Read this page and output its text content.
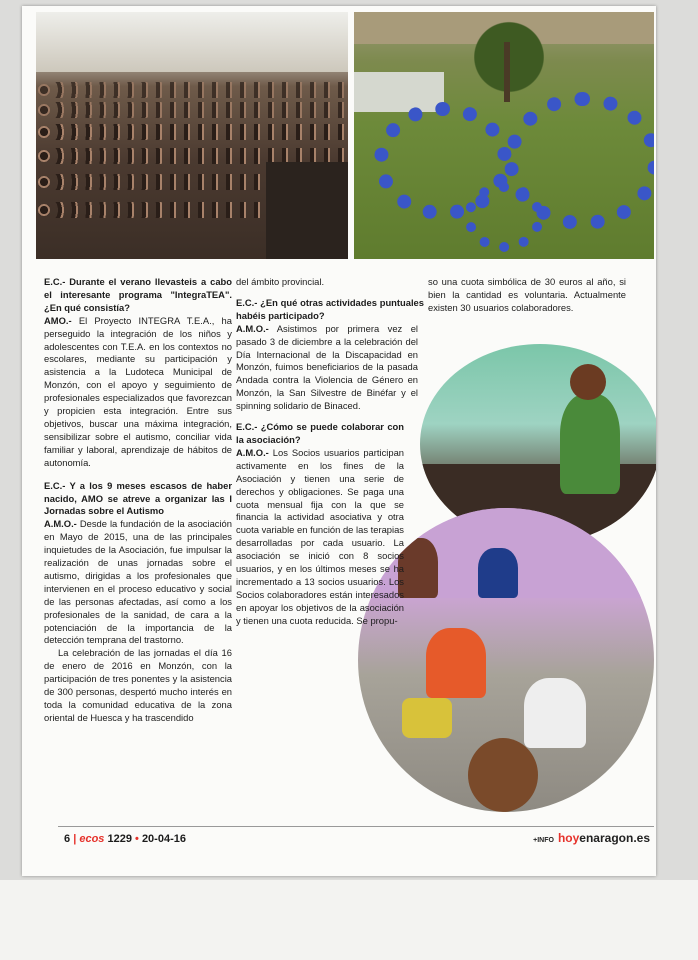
6 | ecos 1229 • 20-04-16	+INFO hoyenaragon.es

E.C.- Durante el verano llevasteis a cabo el interesante programa "IntegraTEA". ¿En qué consistía?

AMO.- El Proyecto INTEGRA T.E.A., ha perseguido la integración de los niños y adolescentes con T.E.A. en los contextos no escolares, mediante su participación y asistencia a la Ludoteca Municipal de Monzón, con el apoyo y seguimiento de profesionales especializados que favorezcan y propicien esta integración. Entre sus objetivos, buscar una máxima integración, sensibilizar sobre el autismo, conciliar vida familiar y laboral, aprendizaje de hábitos de autonomía.

E.C.- Y a los 9 meses escasos de haber nacido, AMO se atreve a organizar las I Jornadas sobre el Autismo

A.M.O.- Desde la fundación de la asociación en Mayo de 2015, una de las principales inquietudes de la Asociación, fue impulsar la realización de unas jornadas sobre el autismo, dirigidas a los profesionales que intervienen en el proceso educativo y social de las personas afectadas, así como a los profesionales de la sanidad, de cara a la potenciación de la importancia de la detección temprana del trastorno.

La celebración de las jornadas el día 16 de enero de 2016 en Monzón, con la participación de tres ponentes y la asistencia de 300 personas, despertó mucho interés en toda la comunidad educativa de la zona oriental de Huesca y ha trascendido

del ámbito provincial.

E.C.- ¿En qué otras actividades puntuales habéis participado?

A.M.O.- Asistimos por primera vez el pasado 3 de diciembre a la celebración del Día Internacional de la Discapacidad en Monzón, fuimos beneficiarios de la pasada Andada contra la Violencia de Género en Monzón, la San Silvestre de Binéfar y el spinning solidario de Binaced.

E.C.- ¿Cómo se puede colaborar con la asociación?

A.M.O.- Los Socios usuarios participan activamente en los fines de la Asociación y tienen una serie de derechos y obligaciones. Se paga una cuota mensual fija con la que se financia la actividad asociativa y otra cuota variable en función de las terapias desarrolladas por cada usuario. La asociación se inició con 8 socios usuarios, y en los últimos meses se ha incrementado a 13 socios usuarios. Los Socios colaboradores están interesados en apoyar los objetivos de la asociación y tienen una cuota reducida. Se propu-

so una cuota simbólica de 30 euros al año, si bien la cantidad es voluntaria. Actualmente existen 30 usuarios colaboradores.
